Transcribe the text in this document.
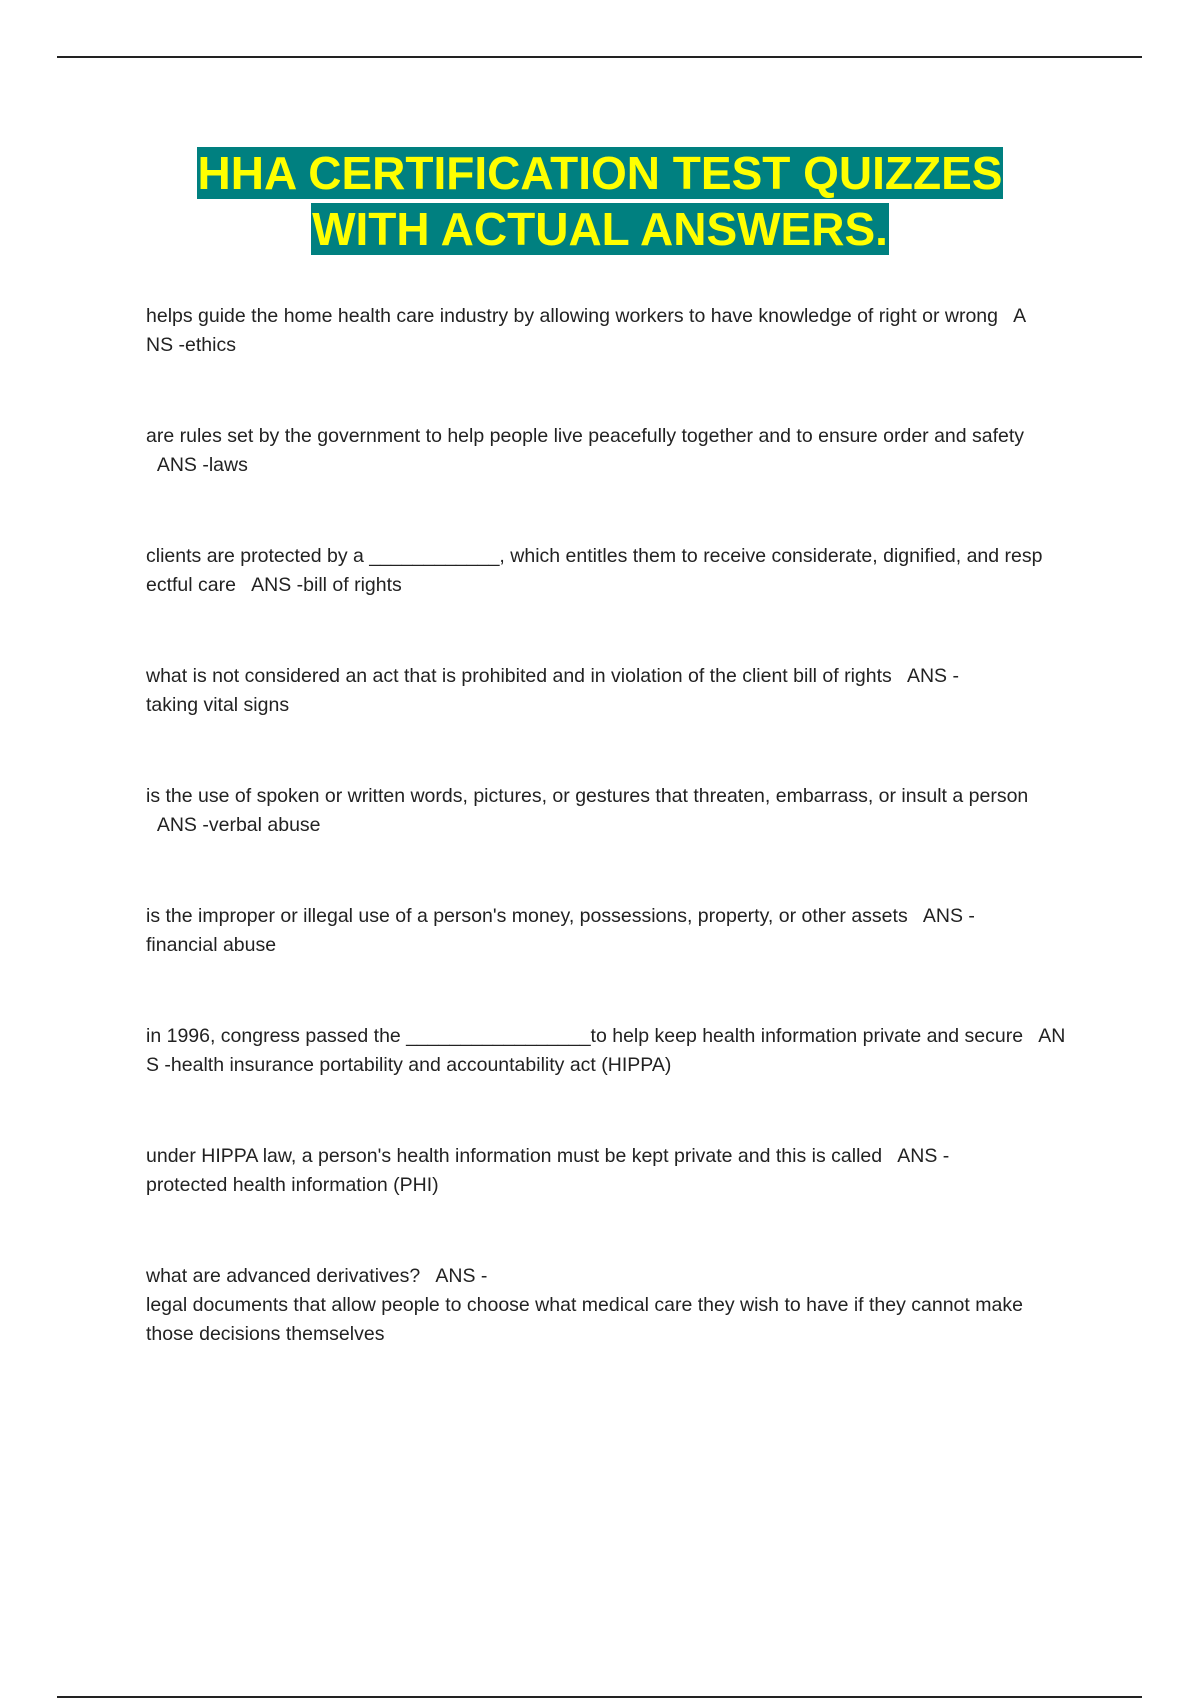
HHA CERTIFICATION TEST QUIZZES
WITH ACTUAL ANSWERS.

helps guide the home health care industry by allowing workers to have knowledge of right or wrong   A
NS -ethics

are rules set by the government to help people live peacefully together and to ensure order and safety
ANS -laws

clients are protected by a ____________, which entitles them to receive considerate, dignified, and resp
ectful care   ANS -bill of rights

what is not considered an act that is prohibited and in violation of the client bill of rights   ANS -
taking vital signs

is the use of spoken or written words, pictures, or gestures that threaten, embarrass, or insult a person
ANS -verbal abuse

is the improper or illegal use of a person's money, possessions, property, or other assets   ANS -
financial abuse

in 1996, congress passed the _________________to help keep health information private and secure   AN
S -health insurance portability and accountability act (HIPPA)

under HIPPA law, a person's health information must be kept private and this is called   ANS -
protected health information (PHI)

what are advanced derivatives?   ANS -
legal documents that allow people to choose what medical care they wish to have if they cannot make
those decisions themselves
